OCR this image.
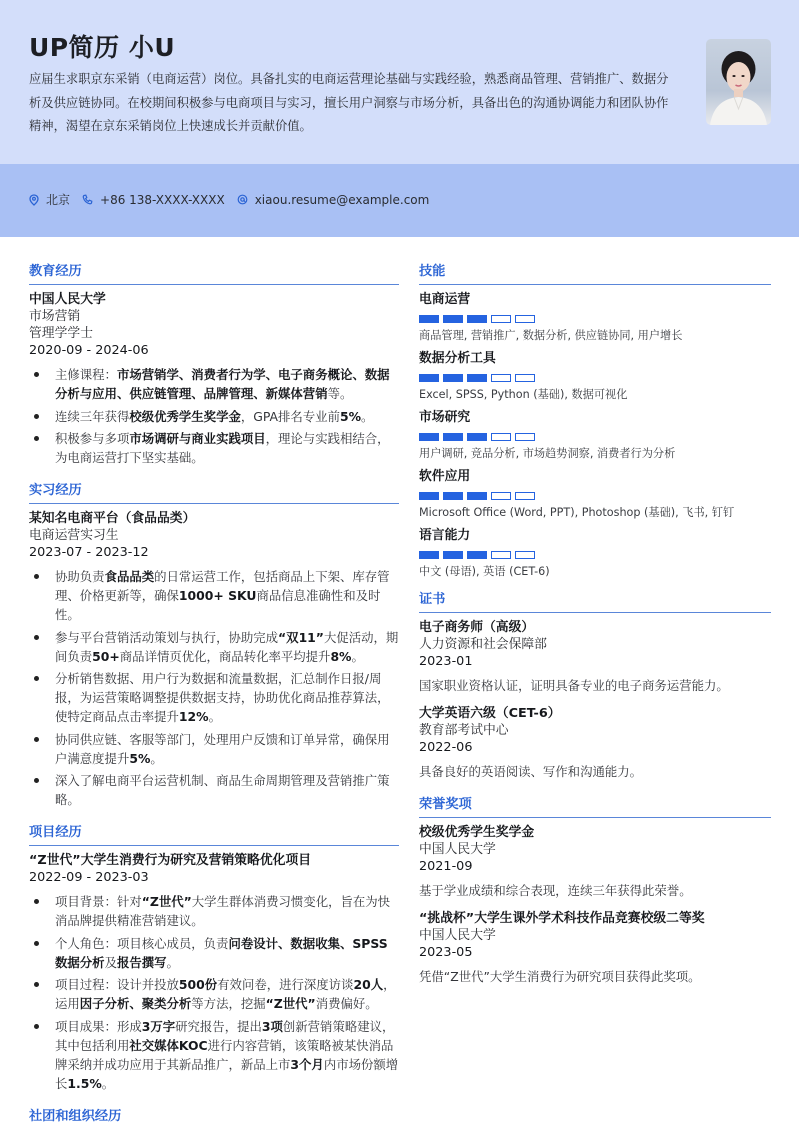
UP简历 小U
应届生求职京东采销（电商运营）岗位。具备扎实的电商运营理论基础与实践经验，熟悉商品管理、营销推广、数据分析及供应链协同。在校期间积极参与电商项目与实习，擅长用户洞察与市场分析，具备出色的沟通协调能力和团队协作精神，渴望在京东采销岗位上快速成长并贡献价值。
北京	+86 138-XXXX-XXXX	xiaou.resume@example.com
教育经历
中国人民大学
市场营销
管理学学士
2020-09 - 2024-06
主修课程：市场营销学、消费者行为学、电子商务概论、数据分析与应用、供应链管理、品牌管理、新媒体营销等。
连续三年获得校级优秀学生奖学金，GPA排名专业前5%。
积极参与多项市场调研与商业实践项目，理论与实践相结合，为电商运营打下坚实基础。
实习经历
某知名电商平台（食品品类）
电商运营实习生
2023-07 - 2023-12
协助负责食品品类的日常运营工作，包括商品上下架、库存管理、价格更新等，确保1000+ SKU商品信息准确性和及时性。
参与平台营销活动策划与执行，协助完成“双11”大促活动，期间负责50+商品详情页优化，商品转化率平均提升8%。
分析销售数据、用户行为数据和流量数据，汇总制作日报/周报，为运营策略调整提供数据支持，协助优化商品推荐算法，使特定商品点击率提升12%。
协同供应链、客服等部门，处理用户反馈和订单异常，确保用户满意度提升5%。
深入了解电商平台运营机制、商品生命周期管理及营销推广策略。
项目经历
“Z世代”大学生消费行为研究及营销策略优化项目
2022-09 - 2023-03
项目背景：针对“Z世代”大学生群体消费习惯变化，旨在为快消品牌提供精准营销建议。
个人角色：项目核心成员，负责问卷设计、数据收集、SPSS数据分析及报告撰写。
项目过程：设计并投放500份有效问卷，进行深度访谈20人，运用因子分析、聚类分析等方法，挖掘“Z世代”消费偏好。
项目成果：形成3万字研究报告，提出3项创新营销策略建议，其中包括利用社交媒体KOC进行内容营销，该策略被某快消品牌采纳并成功应用于其新品推广，新品上市3个月内市场份额增长1.5%。
社团和组织经历
技能
电商运营
商品管理, 营销推广, 数据分析, 供应链协同, 用户增长
数据分析工具
Excel, SPSS, Python (基础), 数据可视化
市场研究
用户调研, 竞品分析, 市场趋势洞察, 消费者行为分析
软件应用
Microsoft Office (Word, PPT), Photoshop (基础), 飞书, 钉钉
语言能力
中文 (母语), 英语 (CET-6)
证书
电子商务师（高级）
人力资源和社会保障部
2023-01
国家职业资格认证，证明具备专业的电子商务运营能力。
大学英语六级（CET-6）
教育部考试中心
2022-06
具备良好的英语阅读、写作和沟通能力。
荣誉奖项
校级优秀学生奖学金
中国人民大学
2021-09
基于学业成绩和综合表现，连续三年获得此荣誉。
“挑战杯”大学生课外学术科技作品竞赛校级二等奖
中国人民大学
2023-05
凭借“Z世代”大学生消费行为研究项目获得此奖项。
